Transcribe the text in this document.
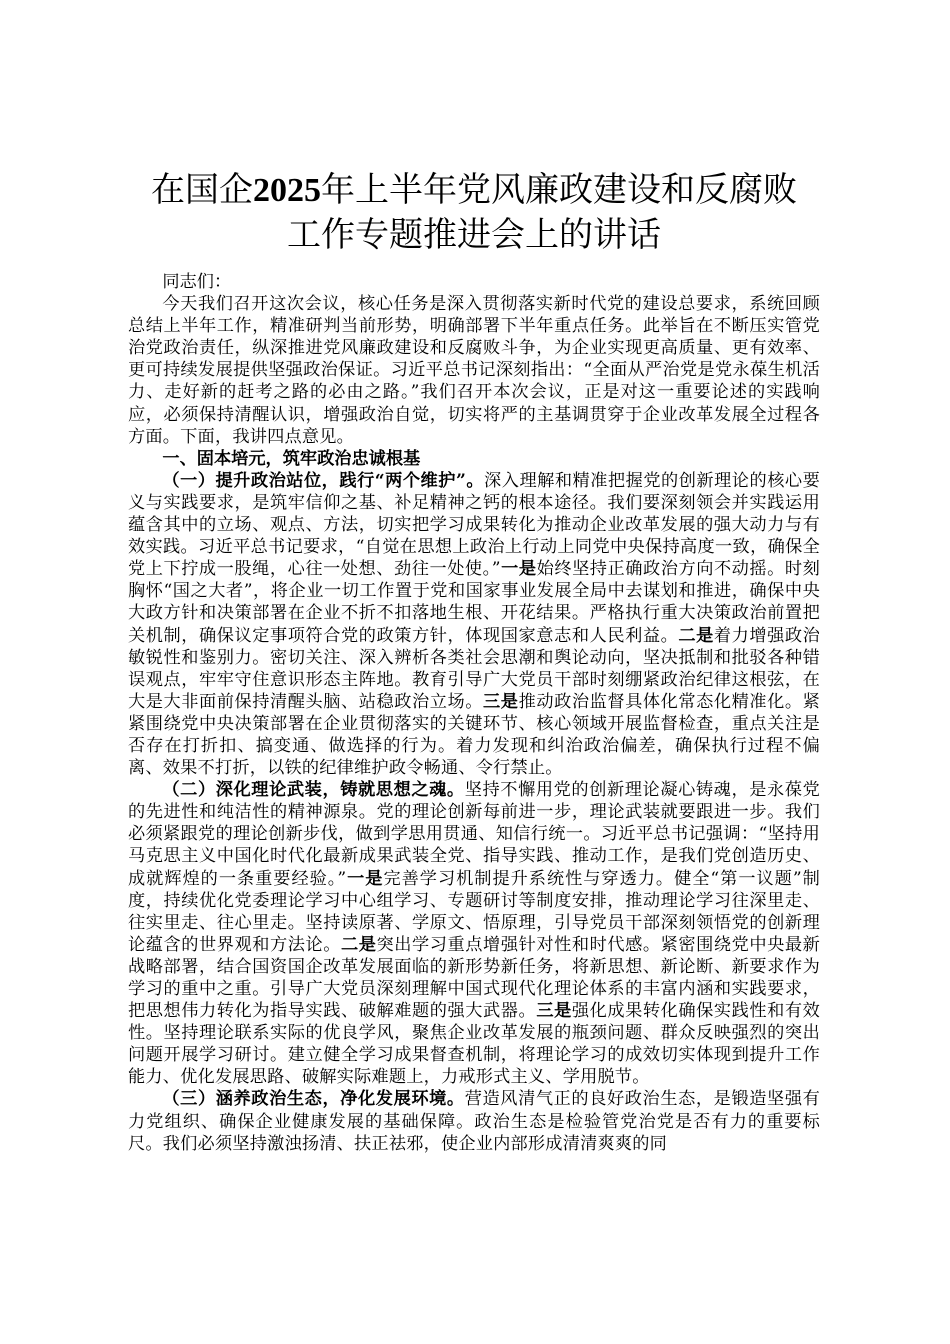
在国企2025年上半年党风廉政建设和反腐败
工作专题推进会上的讲话

同志们：

今天我们召开这次会议，核心任务是深入贯彻落实新时代党的建设总要求，系统回顾总结上半年工作，精准研判当前形势，明确部署下半年重点任务。此举旨在不断压实管党治党政治责任，纵深推进党风廉政建设和反腐败斗争，为企业实现更高质量、更有效率、更可持续发展提供坚强政治保证。习近平总书记深刻指出：“全面从严治党是党永葆生机活力、走好新的赶考之路的必由之路。”我们召开本次会议，正是对这一重要论述的实践响应，必须保持清醒认识，增强政治自觉，切实将严的主基调贯穿于企业改革发展全过程各方面。下面，我讲四点意见。

一、固本培元，筑牢政治忠诚根基

（一）提升政治站位，践行“两个维护”。深入理解和精准把握党的创新理论的核心要义与实践要求，是筑牢信仰之基、补足精神之钙的根本途径。我们要深刻领会并实践运用蕴含其中的立场、观点、方法，切实把学习成果转化为推动企业改革发展的强大动力与有效实践。习近平总书记要求，“自觉在思想上政治上行动上同党中央保持高度一致，确保全党上下拧成一股绳，心往一处想、劲往一处使。”一是始终坚持正确政治方向不动摇。时刻胸怀“国之大者”，将企业一切工作置于党和国家事业发展全局中去谋划和推进，确保中央大政方针和决策部署在企业不折不扣落地生根、开花结果。严格执行重大决策政治前置把关机制，确保议定事项符合党的政策方针，体现国家意志和人民利益。二是着力增强政治敏锐性和鉴别力。密切关注、深入辨析各类社会思潮和舆论动向，坚决抵制和批驳各种错误观点，牢牢守住意识形态主阵地。教育引导广大党员干部时刻绷紧政治纪律这根弦，在大是大非面前保持清醒头脑、站稳政治立场。三是推动政治监督具体化常态化精准化。紧紧围绕党中央决策部署在企业贯彻落实的关键环节、核心领域开展监督检查，重点关注是否存在打折扣、搞变通、做选择的行为。着力发现和纠治政治偏差，确保执行过程不偏离、效果不打折，以铁的纪律维护政令畅通、令行禁止。

（二）深化理论武装，铸就思想之魂。坚持不懈用党的创新理论凝心铸魂，是永葆党的先进性和纯洁性的精神源泉。党的理论创新每前进一步，理论武装就要跟进一步。我们必须紧跟党的理论创新步伐，做到学思用贯通、知信行统一。习近平总书记强调：“坚持用马克思主义中国化时代化最新成果武装全党、指导实践、推动工作，是我们党创造历史、成就辉煌的一条重要经验。”一是完善学习机制提升系统性与穿透力。健全“第一议题”制度，持续优化党委理论学习中心组学习、专题研讨等制度安排，推动理论学习往深里走、往实里走、往心里走。坚持读原著、学原文、悟原理，引导党员干部深刻领悟党的创新理论蕴含的世界观和方法论。二是突出学习重点增强针对性和时代感。紧密围绕党中央最新战略部署，结合国资国企改革发展面临的新形势新任务，将新思想、新论断、新要求作为学习的重中之重。引导广大党员深刻理解中国式现代化理论体系的丰富内涵和实践要求，把思想伟力转化为指导实践、破解难题的强大武器。三是强化成果转化确保实践性和有效性。坚持理论联系实际的优良学风，聚焦企业改革发展的瓶颈问题、群众反映强烈的突出问题开展学习研讨。建立健全学习成果督查机制，将理论学习的成效切实体现到提升工作能力、优化发展思路、破解实际难题上，力戒形式主义、学用脱节。

（三）涵养政治生态，净化发展环境。营造风清气正的良好政治生态，是锻造坚强有力党组织、确保企业健康发展的基础保障。政治生态是检验管党治党是否有力的重要标尺。我们必须坚持激浊扬清、扶正祛邪，使企业内部形成清清爽爽的同
